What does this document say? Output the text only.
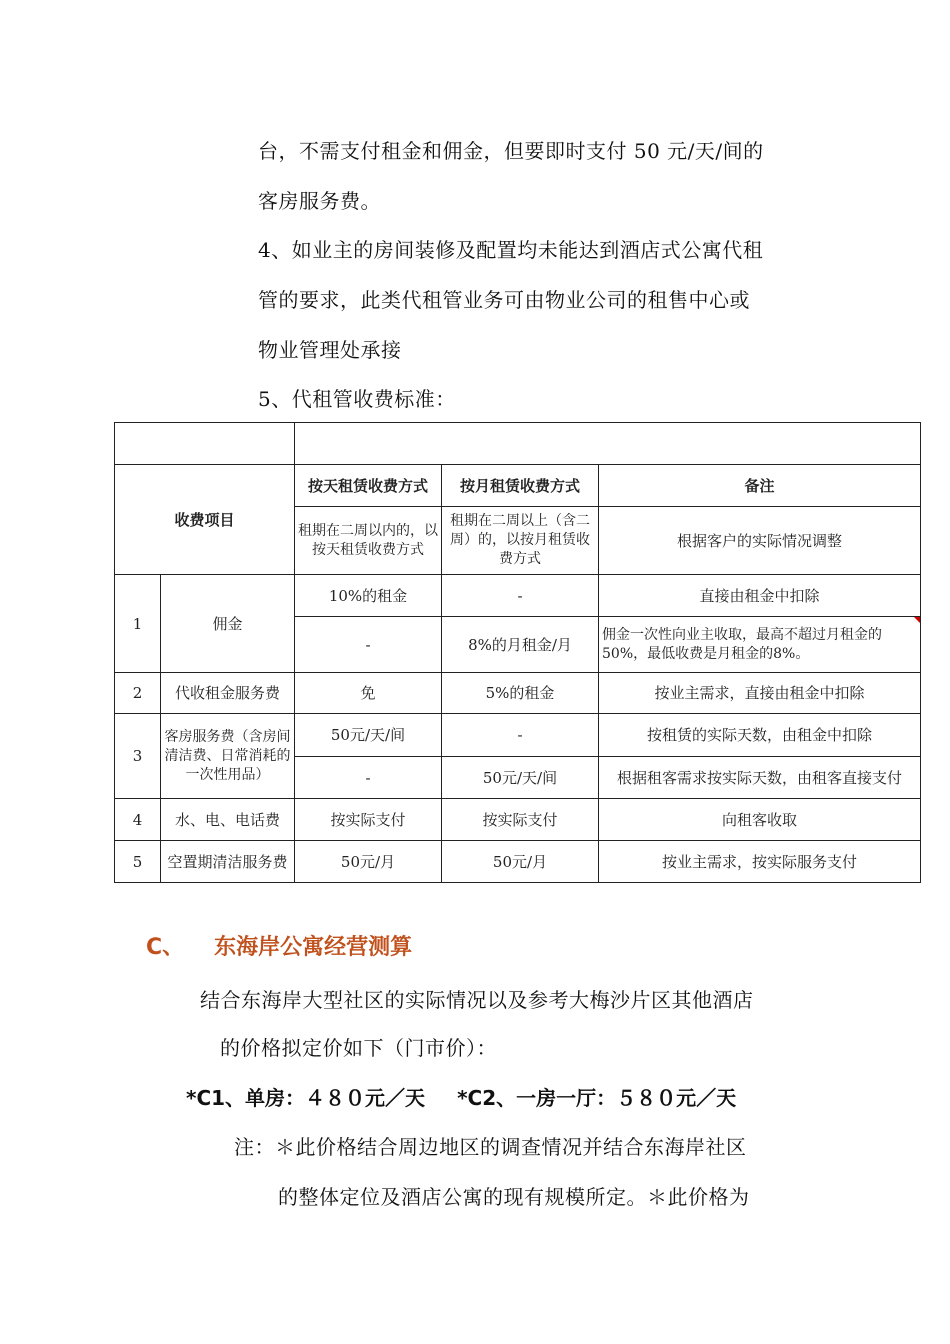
台，不需支付租金和佣金，但要即时支付 50 元/天/间的
客房服务费。
4、如业主的房间装修及配置均未能达到酒店式公寓代租
管的要求，此类代租管业务可由物业公司的租售中心或
物业管理处承接
5、代租管收费标准：

收费项目		按天租赁收费方式	按月租赁收费方式	备注
		租期在二周以内的，以按天租赁收费方式	租期在二周以上（含二周）的，以按月租赁收费方式	根据客户的实际情况调整
1	佣金	10%的租金	-	直接由租金中扣除
		-	8%的月租金/月	佣金一次性向业主收取，最高不超过月租金的50%，最低收费是月租金的8%。
2	代收租金服务费	免	5%的租金	按业主需求，直接由租金中扣除
3	客房服务费（含房间清洁费、日常消耗的一次性用品）	50元/天/间	-	按租赁的实际天数，由租金中扣除
		-	50元/天/间	根据租客需求按实际天数，由租客直接支付
4	水、电、电话费	按实际支付	按实际支付	向租客收取
5	空置期清洁服务费	50元/月	50元/月	按业主需求，按实际服务支付
C、 东海岸公寓经营测算
结合东海岸大型社区的实际情况以及参考大梅沙片区其他酒店
的价格拟定价如下（门市价）：
*C1、单房：４８０元／天 *C2、一房一厅：５８０元／天
注：＊此价格结合周边地区的调查情况并结合东海岸社区
的整体定位及酒店公寓的现有规模所定。＊此价格为
